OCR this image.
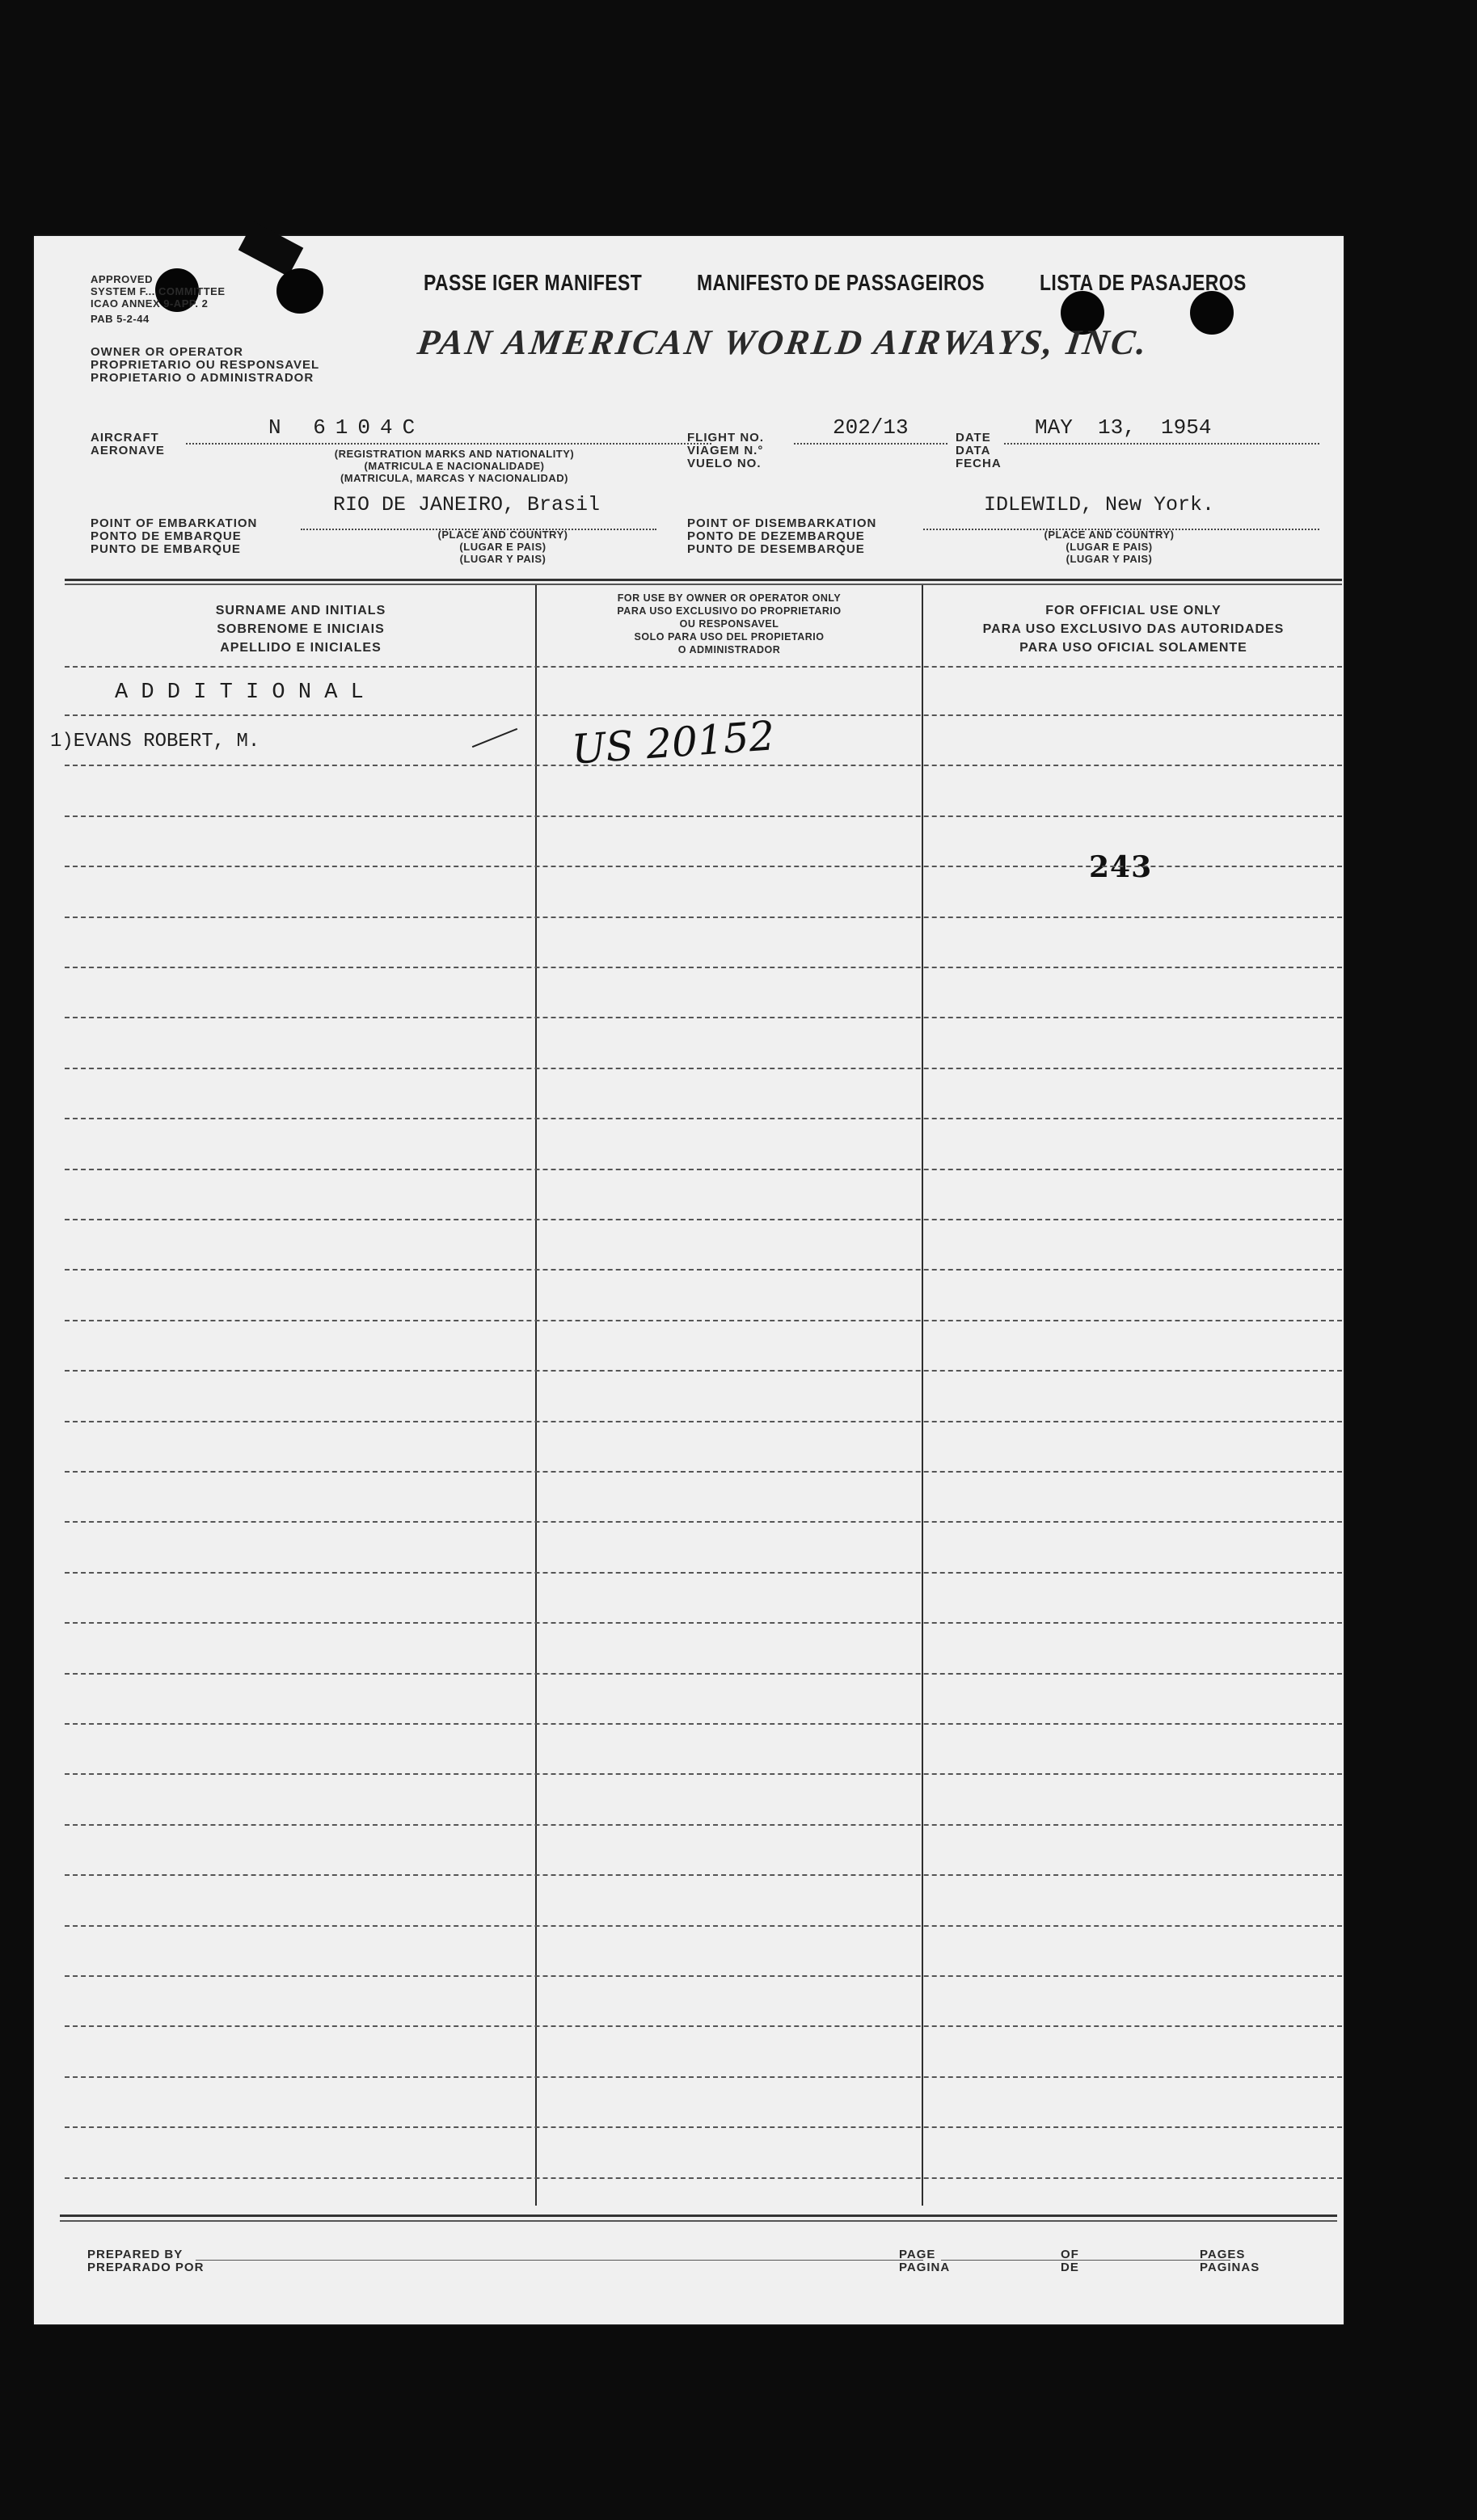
APPROVED
SYSTEM F... COMMITTEE
ICAO ANNEX 9-APP. 2
PAB 5-2-44
OWNER OR OPERATOR
PROPRIETARIO OU RESPONSAVEL
PROPIETARIO O ADMINISTRADOR
PASSE IGER MANIFEST MANIFESTO DE PASSAGEIROS LISTA DE PASAJEROS
PAN AMERICAN WORLD AIRWAYS, INC.
AIRCRAFT
AERONAVE
N 6104C
(REGISTRATION MARKS AND NATIONALITY)
(MATRICULA E NACIONALIDADE)
(MATRICULA, MARCAS Y NACIONALIDAD)
FLIGHT NO.
VIAGEM N.°
VUELO NO.
202/13	DATE
DATA
FECHA
MAY  13,  1954
POINT OF EMBARKATION
PONTO DE EMBARQUE
PUNTO DE EMBARQUE
RIO DE JANEIRO, Brasil
(PLACE AND COUNTRY)
(LUGAR E PAIS)
(LUGAR Y PAIS)
POINT OF DISEMBARKATION
PONTO DE DEZEMBARQUE
PUNTO DE DESEMBARQUE
IDLEWILD, New York.
(PLACE AND COUNTRY)
(LUGAR E PAIS)
(LUGAR Y PAIS)
SURNAME AND INITIALS
SOBRENOME E INICIAIS
APELLIDO E INICIALES
FOR USE BY OWNER OR OPERATOR ONLY
PARA USO EXCLUSIVO DO PROPRIETARIO
OU RESPONSAVEL
SOLO PARA USO DEL PROPIETARIO
O ADMINISTRADOR
FOR OFFICIAL USE ONLY
PARA USO EXCLUSIVO DAS AUTORIDADES
PARA USO OFICIAL SOLAMENTE
A D D I T I O N A L
1)EVANS ROBERT, M.	US 20152
243
PREPARED BY
PREPARADO POR
PAGE
PAGINA
OF
DE
PAGES
PAGINAS
